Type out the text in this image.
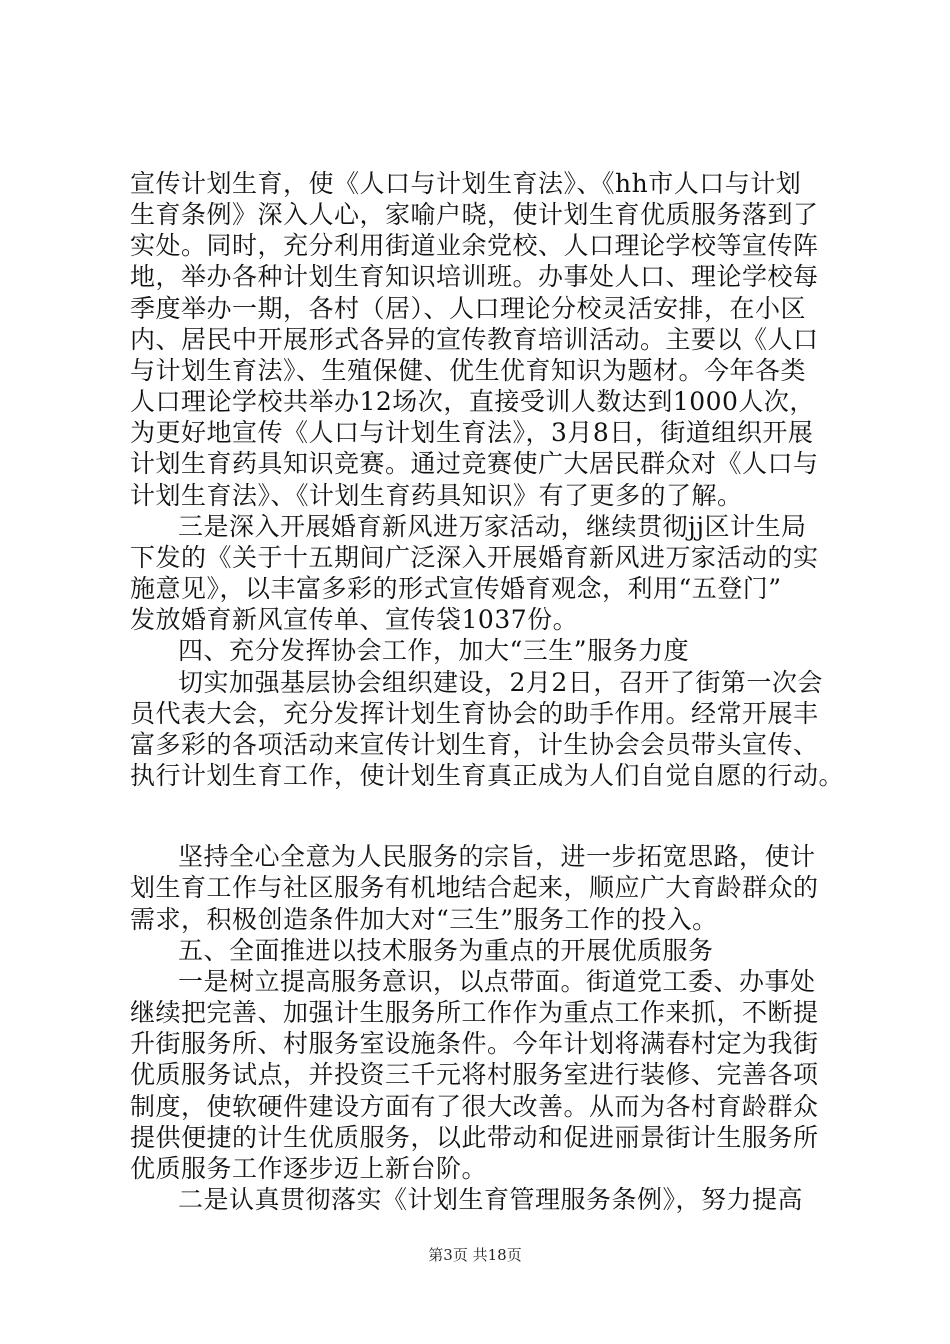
宣传计划生育，使《人口与计划生育法》、《hh市人口与计划
生育条例》深入人心，家喻户晓，使计划生育优质服务落到了
实处。同时，充分利用街道业余党校、人口理论学校等宣传阵
地，举办各种计划生育知识培训班。办事处人口、理论学校每
季度举办一期，各村（居）、人口理论分校灵活安排，在小区
内、居民中开展形式各异的宣传教育培训活动。主要以《人口
与计划生育法》、生殖保健、优生优育知识为题材。今年各类
人口理论学校共举办12场次，直接受训人数达到1000人次，
为更好地宣传《人口与计划生育法》，3月8日，街道组织开展
计划生育药具知识竞赛。通过竞赛使广大居民群众对《人口与
计划生育法》、《计划生育药具知识》有了更多的了解。
三是深入开展婚育新风进万家活动，继续贯彻jj区计生局
下发的《关于十五期间广泛深入开展婚育新风进万家活动的实
施意见》，以丰富多彩的形式宣传婚育观念，利用“五登门”
发放婚育新风宣传单、宣传袋1037份。
四、充分发挥协会工作，加大“三生”服务力度
切实加强基层协会组织建设，2月2日，召开了街第一次会
员代表大会，充分发挥计划生育协会的助手作用。经常开展丰
富多彩的各项活动来宣传计划生育，计生协会会员带头宣传、
执行计划生育工作，使计划生育真正成为人们自觉自愿的行动。
坚持全心全意为人民服务的宗旨，进一步拓宽思路，使计
划生育工作与社区服务有机地结合起来，顺应广大育龄群众的
需求，积极创造条件加大对“三生”服务工作的投入。
五、全面推进以技术服务为重点的开展优质服务
一是树立提高服务意识，以点带面。街道党工委、办事处
继续把完善、加强计生服务所工作作为重点工作来抓，不断提
升街服务所、村服务室设施条件。今年计划将满春村定为我街
优质服务试点，并投资三千元将村服务室进行装修、完善各项
制度，使软硬件建设方面有了很大改善。从而为各村育龄群众
提供便捷的计生优质服务，以此带动和促进丽景街计生服务所
优质服务工作逐步迈上新台阶。
二是认真贯彻落实《计划生育管理服务条例》，努力提高
第3页 共18页
